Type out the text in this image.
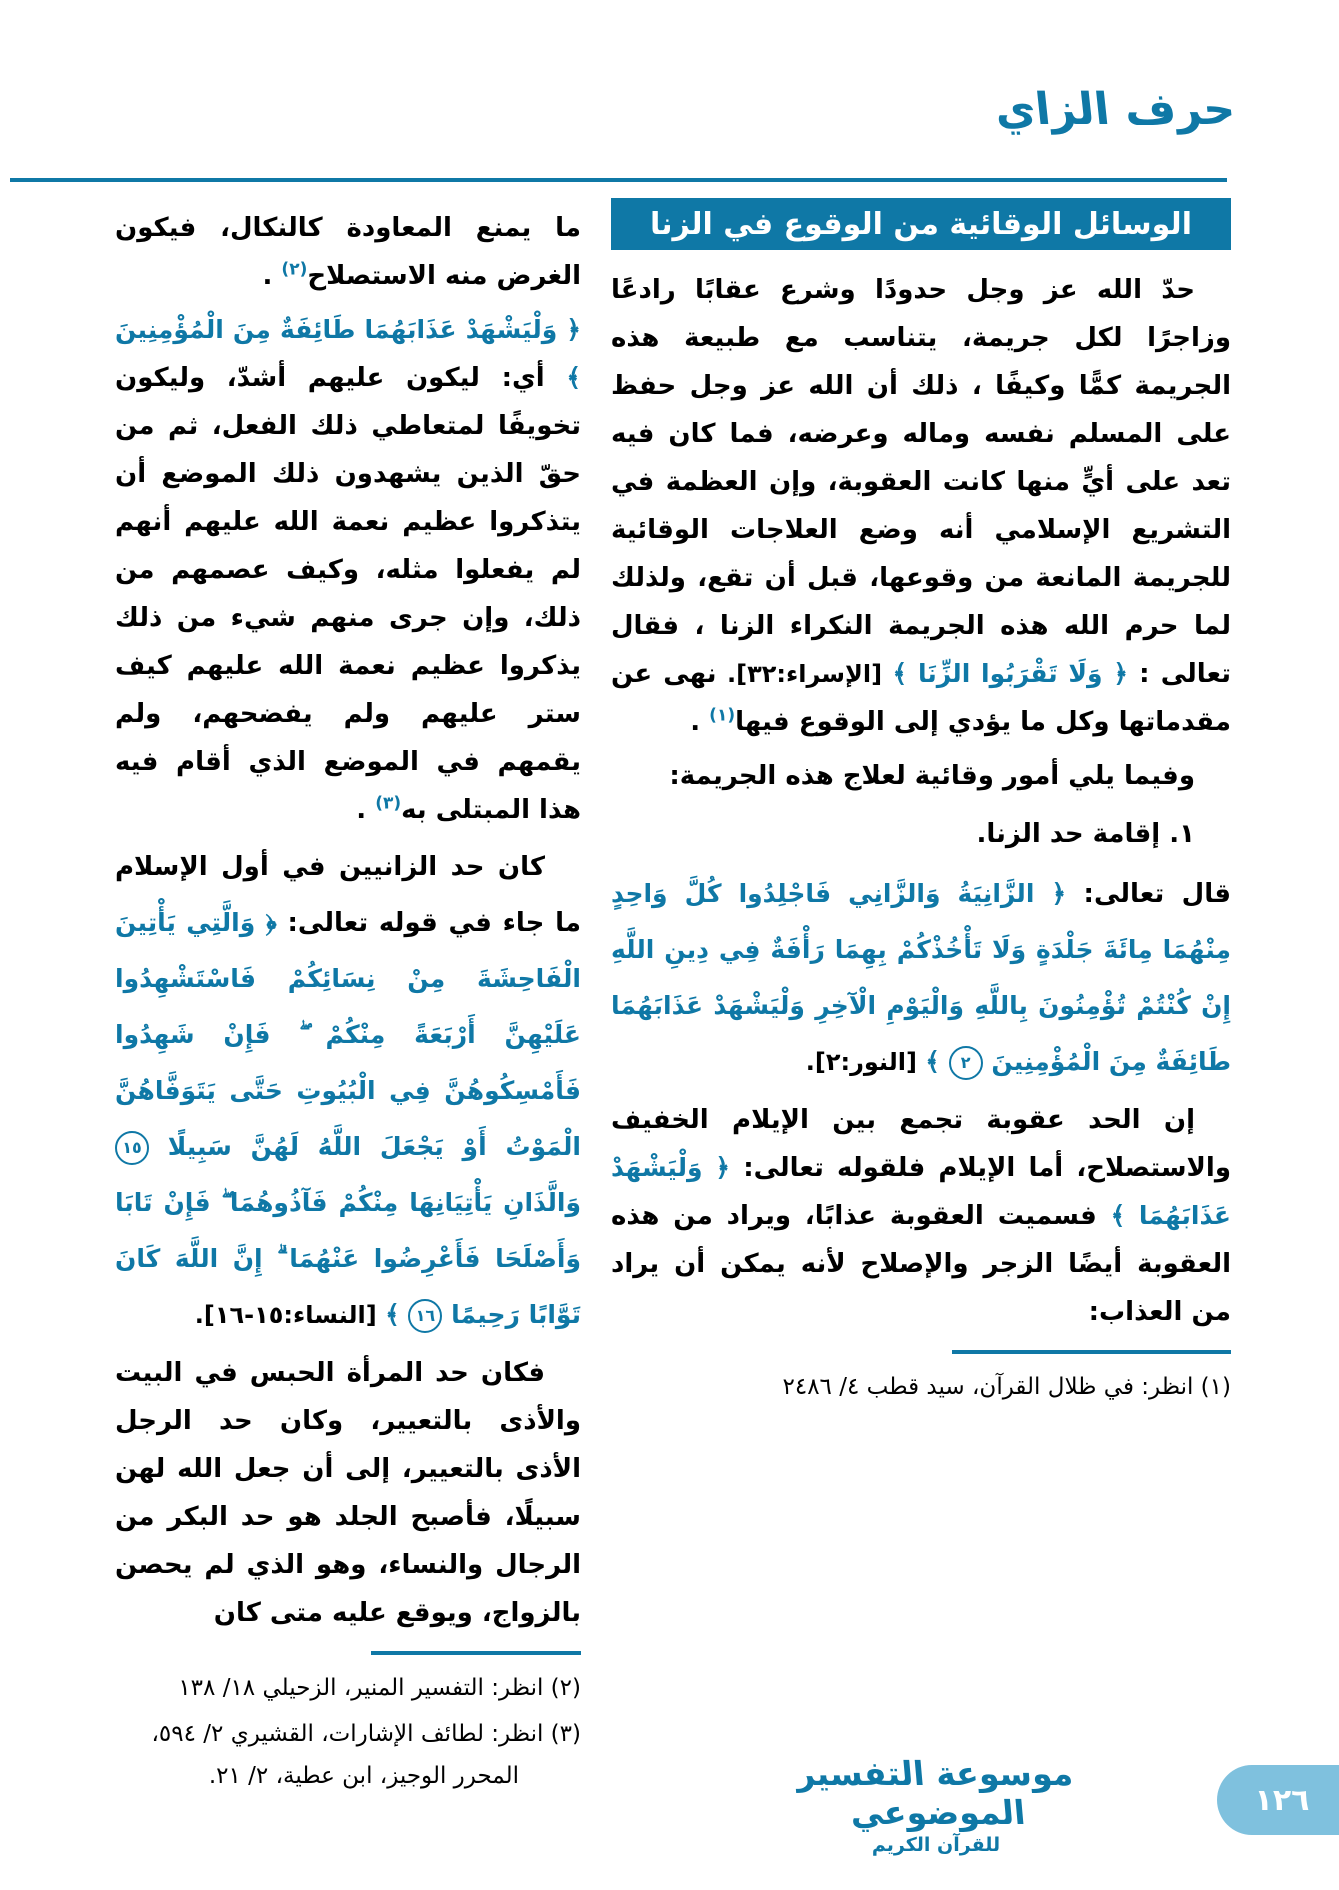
حرف الزاي
الوسائل الوقائية من الوقوع في الزنا

حدّ الله عز وجل حدودًا وشرع عقابًا رادعًا وزاجرًا لكل جريمة، يتناسب مع طبيعة هذه الجريمة كمًّا وكيفًا ، ذلك أن الله عز وجل حفظ على المسلم نفسه وماله وعرضه، فما كان فيه تعد على أيٍّ منها كانت العقوبة، وإن العظمة في التشريع الإسلامي أنه وضع العلاجات الوقائية للجريمة المانعة من وقوعها، قبل أن تقع، ولذلك لما حرم الله هذه الجريمة النكراء الزنا ، فقال تعالى : ﴿ وَلَا تَقْرَبُوا الزِّنَا ﴾ [الإسراء:٣٢]. نهى عن مقدماتها وكل ما يؤدي إلى الوقوع فيها$^{(١)}$ .

وفيما يلي أمور وقائية لعلاج هذه الجريمة:

١. إقامة حد الزنا.

قال تعالى: ﴿ الزَّانِيَةُ وَالزَّانِي فَاجْلِدُوا كُلَّ وَاحِدٍ مِنْهُمَا مِائَةَ جَلْدَةٍ وَلَا تَأْخُذْكُمْ بِهِمَا رَأْفَةٌ فِي دِينِ اللَّهِ إِنْ كُنْتُمْ تُؤْمِنُونَ بِاللَّهِ وَالْيَوْمِ الْآخِرِ وَلْيَشْهَدْ عَذَابَهُمَا طَائِفَةٌ مِنَ الْمُؤْمِنِينَ ٢ ﴾ [النور:٢].

إن الحد عقوبة تجمع بين الإيلام الخفيف والاستصلاح، أما الإيلام فلقوله تعالى: ﴿ وَلْيَشْهَدْ عَذَابَهُمَا ﴾ فسميت العقوبة عذابًا، ويراد من هذه العقوبة أيضًا الزجر والإصلاح لأنه يمكن أن يراد من العذاب:

(١) انظر: في ظلال القرآن، سيد قطب ٤/ ٢٤٨٦

ما يمنع المعاودة كالنكال، فيكون الغرض منه الاستصلاح$^{(٢)}$ .

﴿ وَلْيَشْهَدْ عَذَابَهُمَا طَائِفَةٌ مِنَ الْمُؤْمِنِينَ ﴾ أي: ليكون عليهم أشدّ، وليكون تخويفًا لمتعاطي ذلك الفعل، ثم من حقّ الذين يشهدون ذلك الموضع أن يتذكروا عظيم نعمة الله عليهم أنهم لم يفعلوا مثله، وكيف عصمهم من ذلك، وإن جرى منهم شيء من ذلك يذكروا عظيم نعمة الله عليهم كيف ستر عليهم ولم يفضحهم، ولم يقمهم في الموضع الذي أقام فيه هذا المبتلى به$^{(٣)}$ .

كان حد الزانيين في أول الإسلام ما جاء في قوله تعالى: ﴿ وَالَّتِي يَأْتِينَ الْفَاحِشَةَ مِنْ نِسَائِكُمْ فَاسْتَشْهِدُوا عَلَيْهِنَّ أَرْبَعَةً مِنْكُمْ ۖ فَإِنْ شَهِدُوا فَأَمْسِكُوهُنَّ فِي الْبُيُوتِ حَتَّى يَتَوَفَّاهُنَّ الْمَوْتُ أَوْ يَجْعَلَ اللَّهُ لَهُنَّ سَبِيلًا ١٥ وَالَّذَانِ يَأْتِيَانِهَا مِنْكُمْ فَآذُوهُمَا ۖ فَإِنْ تَابَا وَأَصْلَحَا فَأَعْرِضُوا عَنْهُمَا ۗ إِنَّ اللَّهَ كَانَ تَوَّابًا رَحِيمًا ١٦ ﴾ [النساء:١٥-١٦].

فكان حد المرأة الحبس في البيت والأذى بالتعيير، وكان حد الرجل الأذى بالتعيير، إلى أن جعل الله لهن سبيلًا، فأصبح الجلد هو حد البكر من الرجال والنساء، وهو الذي لم يحصن بالزواج، ويوقع عليه متى كان

(٢) انظر: التفسير المنير، الزحيلي ١٨/ ١٣٨

(٣) انظر: لطائف الإشارات، القشيري ٢/ ٥٩٤، المحرر الوجيز، ابن عطية، ٢/ ٢١.	موسوعة التفسير الموضوعي
للقرآن الكريم
١٢٦
